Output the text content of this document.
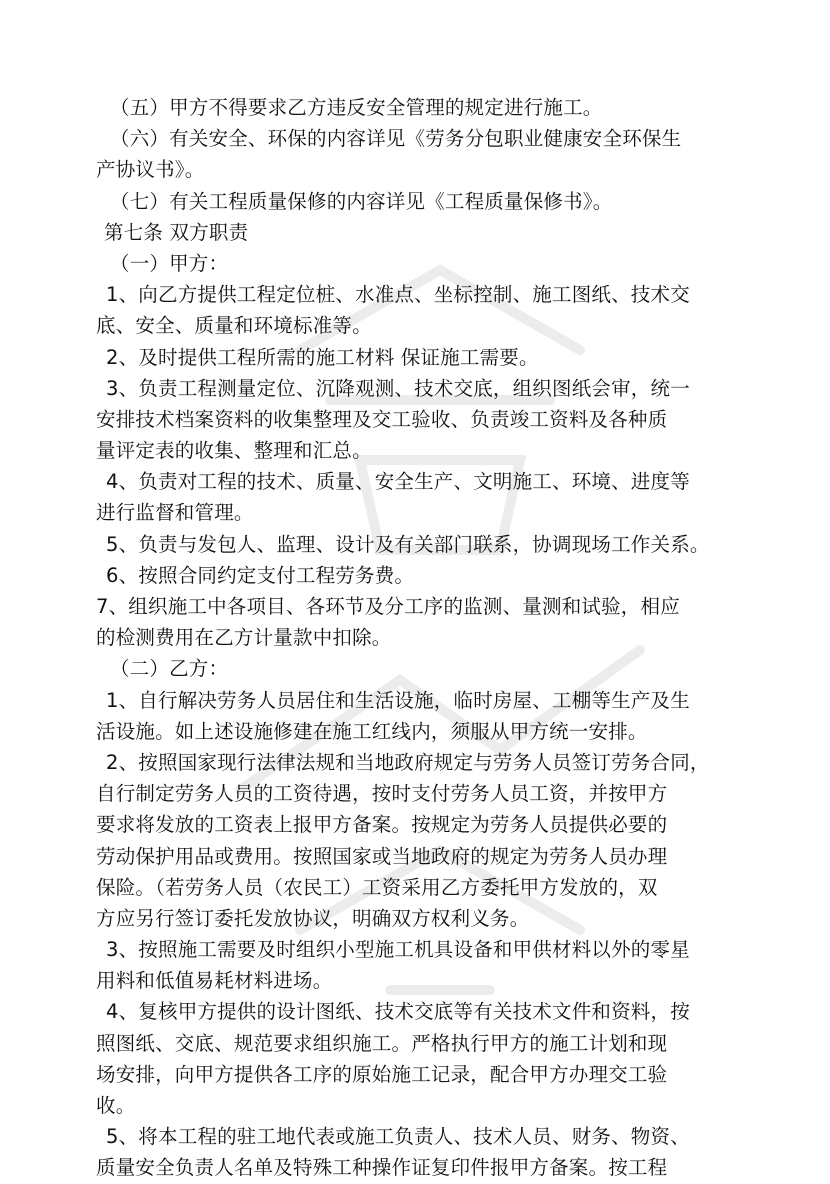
（五）甲方不得要求乙方违反安全管理的规定进行施工。
（六）有关安全、环保的内容详见《劳务分包职业健康安全环保生
产协议书》。
（七）有关工程质量保修的内容详见《工程质量保修书》。
第七条 双方职责
（一）甲方：
1、向乙方提供工程定位桩、水准点、坐标控制、施工图纸、技术交
底、安全、质量和环境标准等。
2、及时提供工程所需的施工材料 保证施工需要。
3、负责工程测量定位、沉降观测、技术交底，组织图纸会审，统一
安排技术档案资料的收集整理及交工验收、负责竣工资料及各种质
量评定表的收集、整理和汇总。
4、负责对工程的技术、质量、安全生产、文明施工、环境、进度等
进行监督和管理。
5、负责与发包人、监理、设计及有关部门联系，协调现场工作关系。
6、按照合同约定支付工程劳务费。
7、组织施工中各项目、各环节及分工序的监测、量测和试验，相应
的检测费用在乙方计量款中扣除。
（二）乙方：
1、自行解决劳务人员居住和生活设施，临时房屋、工棚等生产及生
活设施。如上述设施修建在施工红线内，须服从甲方统一安排。
2、按照国家现行法律法规和当地政府规定与劳务人员签订劳务合同，
自行制定劳务人员的工资待遇，按时支付劳务人员工资，并按甲方
要求将发放的工资表上报甲方备案。按规定为劳务人员提供必要的
劳动保护用品或费用。按照国家或当地政府的规定为劳务人员办理
保险。（若劳务人员（农民工）工资采用乙方委托甲方发放的，双
方应另行签订委托发放协议，明确双方权利义务。
3、按照施工需要及时组织小型施工机具设备和甲供材料以外的零星
用料和低值易耗材料进场。
4、复核甲方提供的设计图纸、技术交底等有关技术文件和资料，按
照图纸、交底、规范要求组织施工。严格执行甲方的施工计划和现
场安排，向甲方提供各工序的原始施工记录，配合甲方办理交工验
收。
5、将本工程的驻工地代表或施工负责人、技术人员、财务、物资、
质量安全负责人名单及特殊工种操作证复印件报甲方备案。按工程
